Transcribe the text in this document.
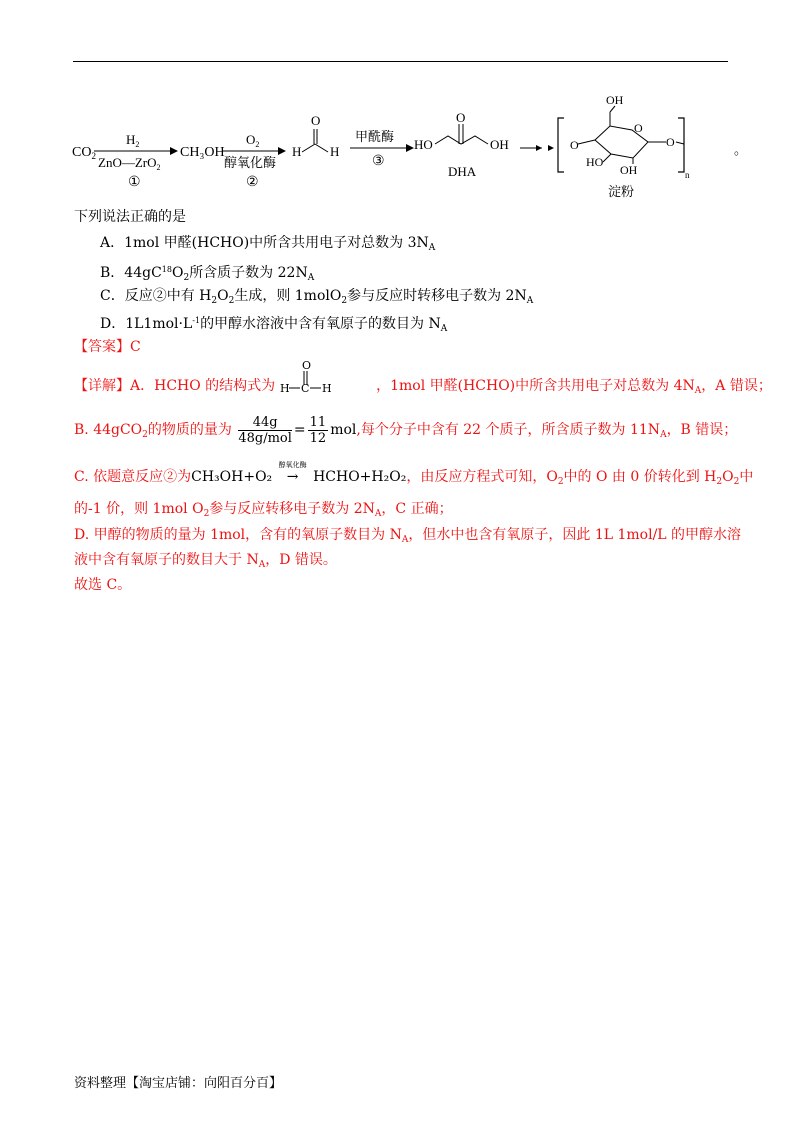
$CO_2$
$H_2$
ZnO—ZrO$_2$
①
CH₃OH
$O_2$
醇氧化酶
②
O
H H
甲酰酶
③
HO
O
OH
DHA	n
OH
O
O
O
HO
OH
淀粉
。
下列说法正确的是
A．1mol 甲醛(HCHO)中所含共用电子对总数为 $3N_A$
B．$44gC^{18}O_2$所含质子数为 $22N_A$
C．反应②中有 $H_2O_2$生成，则 1molO$_2$参与反应时转移电子数为 $2N_A$
D．$1L1mol\cdot L^{-1}$的甲醇水溶液中含有氧原子的数目为 $N_A$
【答案】C
【详解】A．HCHO 的结构式为
O
H C H	，1mol 甲醛(HCHO)中所含共用电子对总数为 $4N_A$，A 错误；
B. 44gCO$_2$的物质的量为 $\frac{44g}{\text{48g/mol}} = \frac{11}{12}$ mol,每个分子中含有 22 个质子，所含质子数为 $11N_A$，B 错误；
C. 依题意反应②为CH₃OH+O₂
醇氧化酶
→ HCHO+H₂O₂，由反应方程式可知，$O_2$中的 O 由 0 价转化到 $H_2O_2$中
的-1 价，则 1mol $O_2$参与反应转移电子数为 $2N_A$，C 正确；
D. 甲醇的物质的量为 1mol，含有的氧原子数目为 $N_A$，但水中也含有氧原子，因此 1L 1mol/L 的甲醇水溶
液中含有氧原子的数目大于 $N_A$，D 错误。
故选 C。
资料整理【淘宝店铺：向阳百分百】
